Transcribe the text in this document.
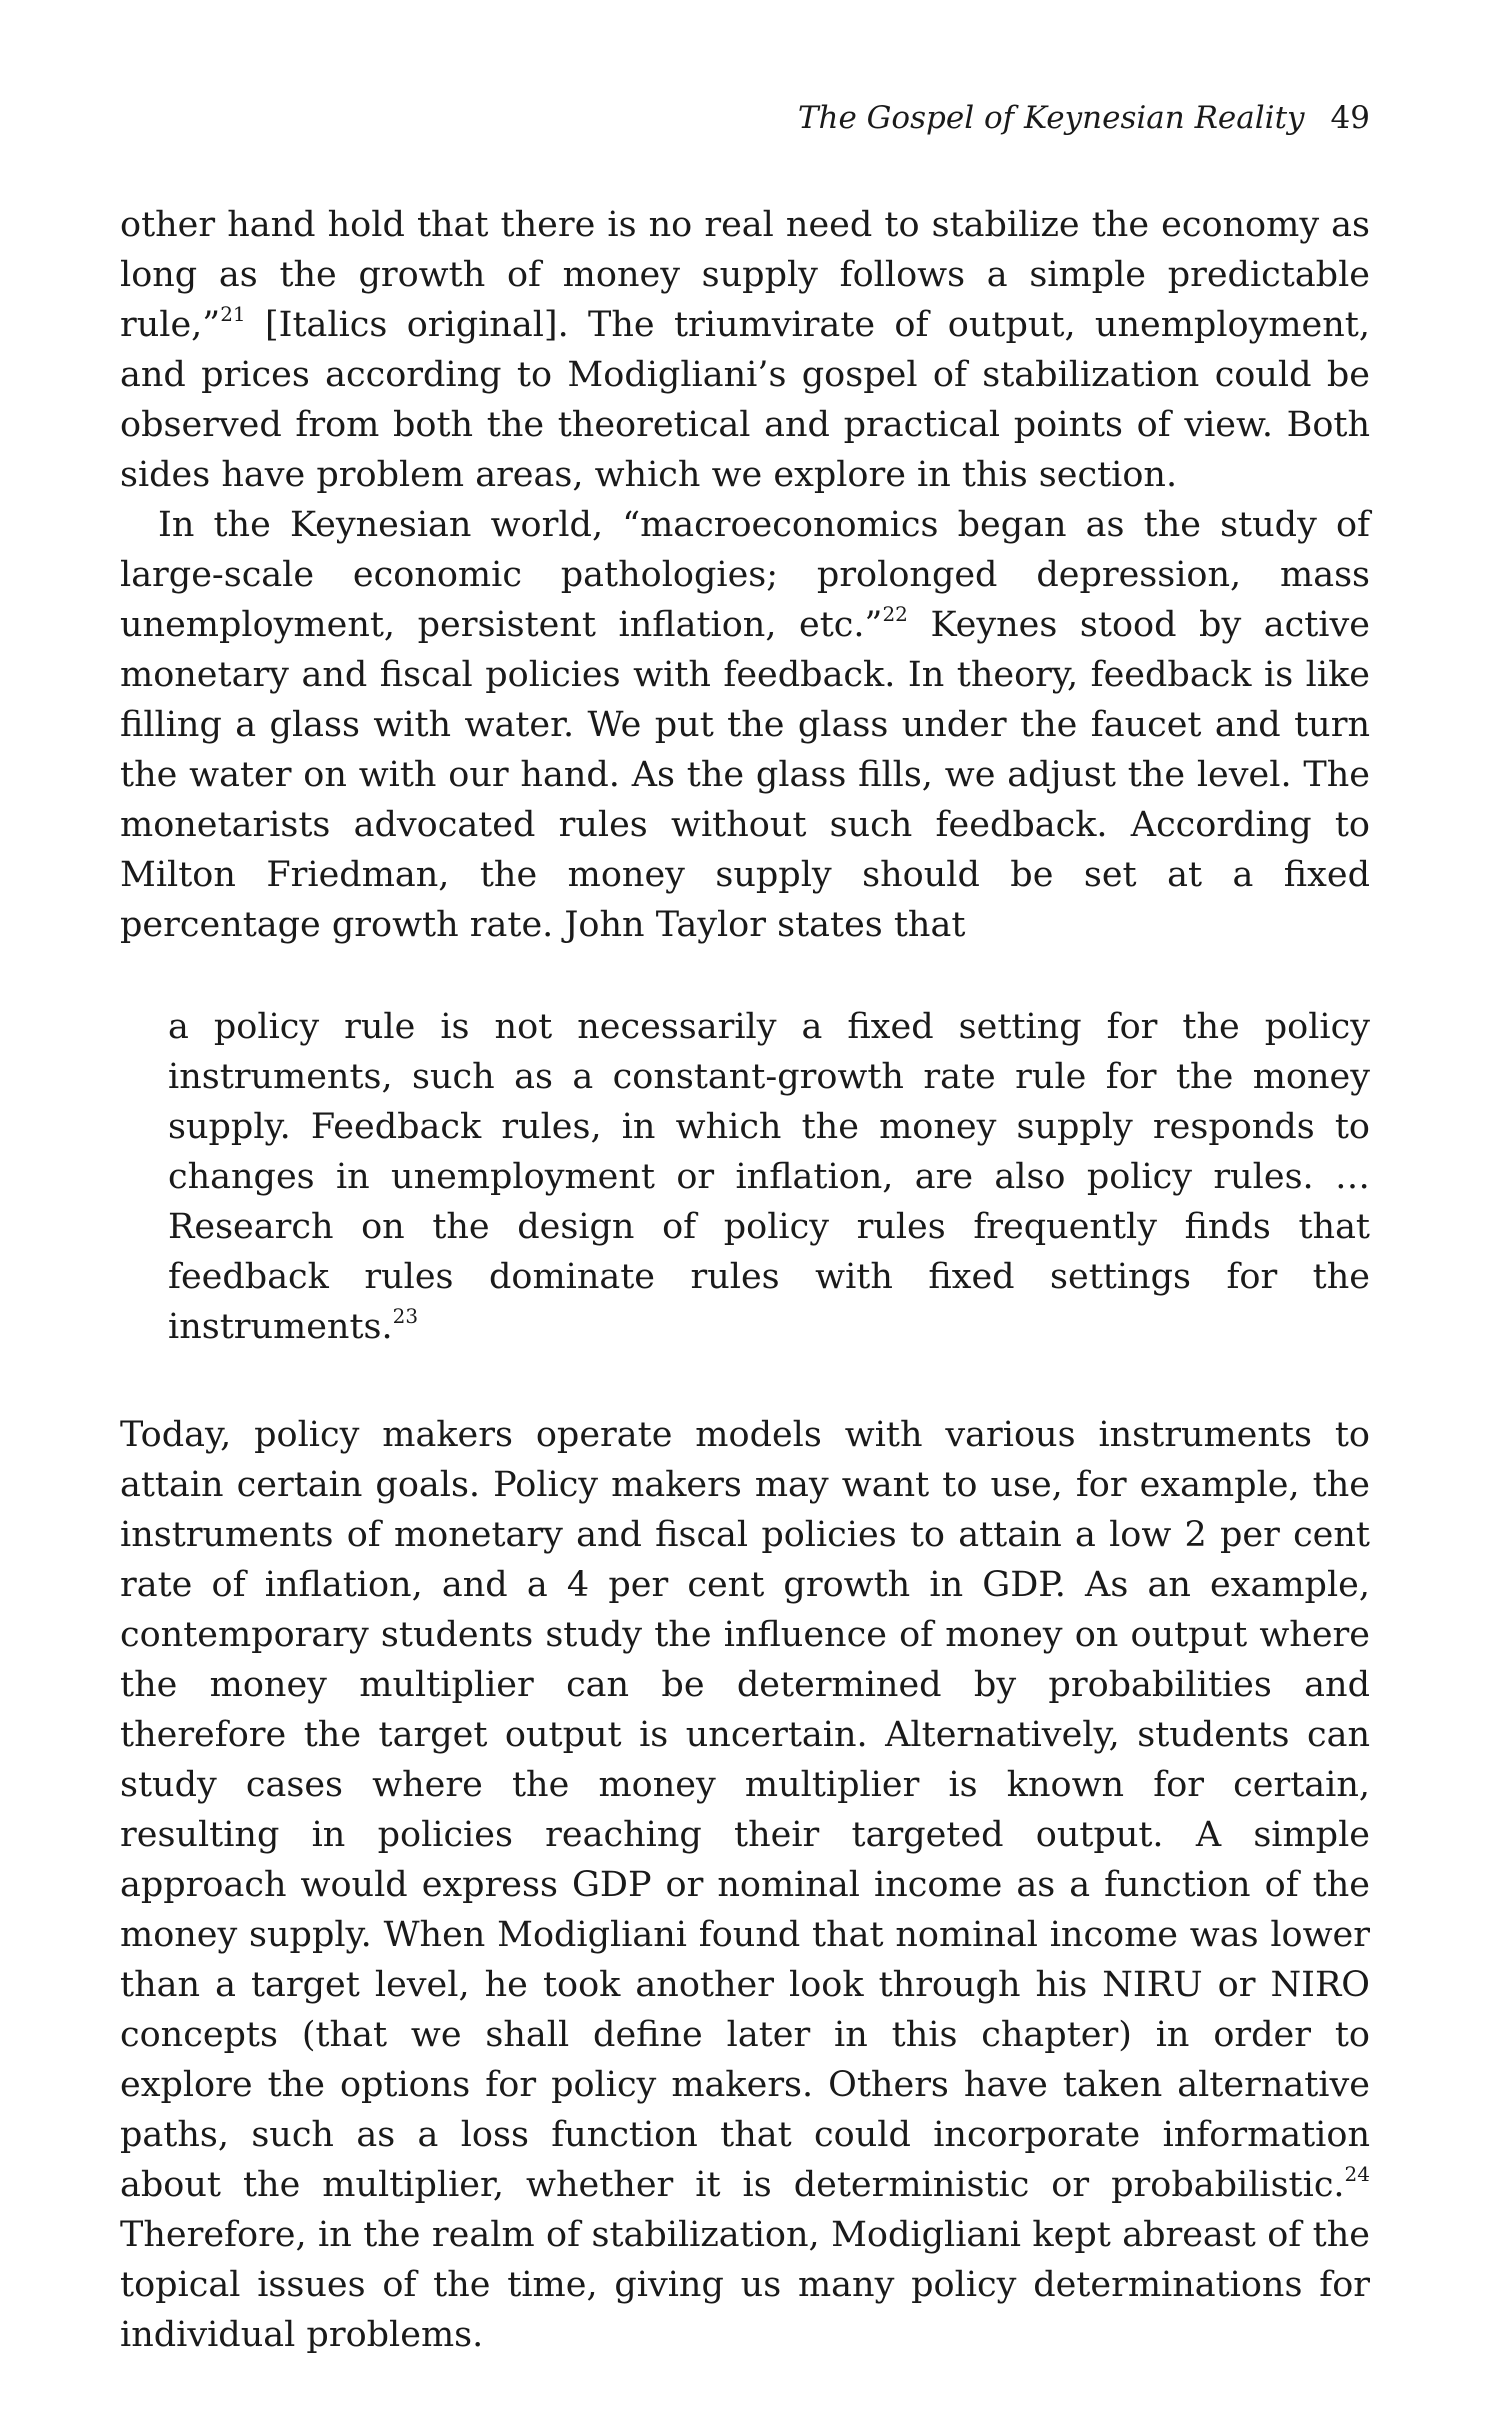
The Gospel of Keynesian Reality 49

other hand hold that there is no real need to stabilize the economy as long as the growth of money supply follows a simple predictable rule,”$^{21}$ [Italics original]. The triumvirate of output, unemployment, and prices according to Modigliani’s gospel of stabilization could be observed from both the theoretical and practical points of view. Both sides have problem areas, which we explore in this section.

In the Keynesian world, “macroeconomics began as the study of large-scale economic pathologies; prolonged depression, mass unemployment, persistent inflation, etc.”$^{22}$ Keynes stood by active monetary and fiscal policies with feedback. In theory, feedback is like filling a glass with water. We put the glass under the faucet and turn the water on with our hand. As the glass fills, we adjust the level. The monetarists advocated rules without such feedback. According to Milton Friedman, the money supply should be set at a fixed percentage growth rate. John Taylor states that

a policy rule is not necessarily a fixed setting for the policy instruments, such as a constant-growth rate rule for the money supply. Feedback rules, in which the money supply responds to changes in unemployment or inflation, are also policy rules. … Research on the design of policy rules frequently finds that feedback rules dominate rules with fixed settings for the instruments.$^{23}$

Today, policy makers operate models with various instruments to attain certain goals. Policy makers may want to use, for example, the instruments of monetary and fiscal policies to attain a low 2 per cent rate of inflation, and a 4 per cent growth in GDP. As an example, contemporary students study the influence of money on output where the money multiplier can be determined by probabilities and therefore the target output is uncertain. Alternatively, students can study cases where the money multiplier is known for certain, resulting in policies reaching their targeted output. A simple approach would express GDP or nominal income as a function of the money supply. When Modigliani found that nominal income was lower than a target level, he took another look through his NIRU or NIRO concepts (that we shall define later in this chapter) in order to explore the options for policy makers. Others have taken alternative paths, such as a loss function that could incorporate information about the multiplier, whether it is deterministic or probabilistic.$^{24}$ Therefore, in the realm of stabilization, Modigliani kept abreast of the topical issues of the time, giving us many policy determinations for individual problems.
